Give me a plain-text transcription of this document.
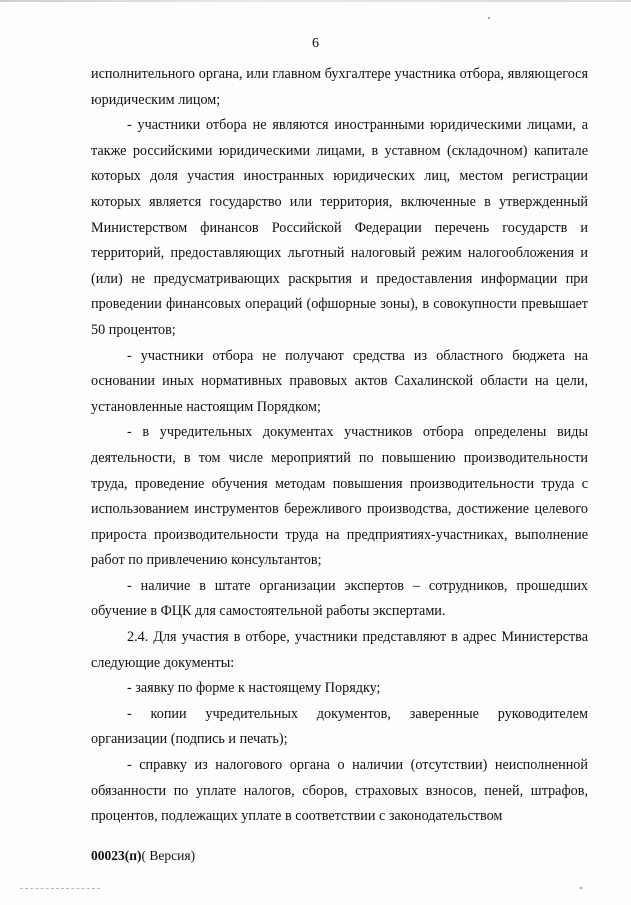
6

исполнительного органа, или главном бухгалтере участника отбора, являющегося юридическим лицом;

- участники отбора не являются иностранными юридическими лицами, а также российскими юридическими лицами, в уставном (складочном) капитале которых доля участия иностранных юридических лиц, местом регистрации которых является государство или территория, включенные в утвержденный Министерством финансов Российской Федерации перечень государств и территорий, предоставляющих льготный налоговый режим налогообложения и (или) не предусматривающих раскрытия и предоставления информации при проведении финансовых операций (офшорные зоны), в совокупности превышает 50 процентов;

- участники отбора не получают средства из областного бюджета на основании иных нормативных правовых актов Сахалинской области на цели, установленные настоящим Порядком;

- в учредительных документах участников отбора определены виды деятельности, в том числе мероприятий по повышению производительности труда, проведение обучения методам повышения производительности труда с использованием инструментов бережливого производства, достижение целевого прироста производительности труда на предприятиях-участниках, выполнение работ по привлечению консультантов;

- наличие в штате организации экспертов – сотрудников, прошедших обучение в ФЦК для самостоятельной работы экспертами.

2.4. Для участия в отборе, участники представляют в адрес Министерства следующие документы:

- заявку по форме к настоящему Порядку;

- копии учредительных документов, заверенные руководителем организации (подпись и печать);

- справку из налогового органа о наличии (отсутствии) неисполненной обязанности по уплате налогов, сборов, страховых взносов, пеней, штрафов, процентов, подлежащих уплате в соответствии с законодательством

00023(п)( Версия)
